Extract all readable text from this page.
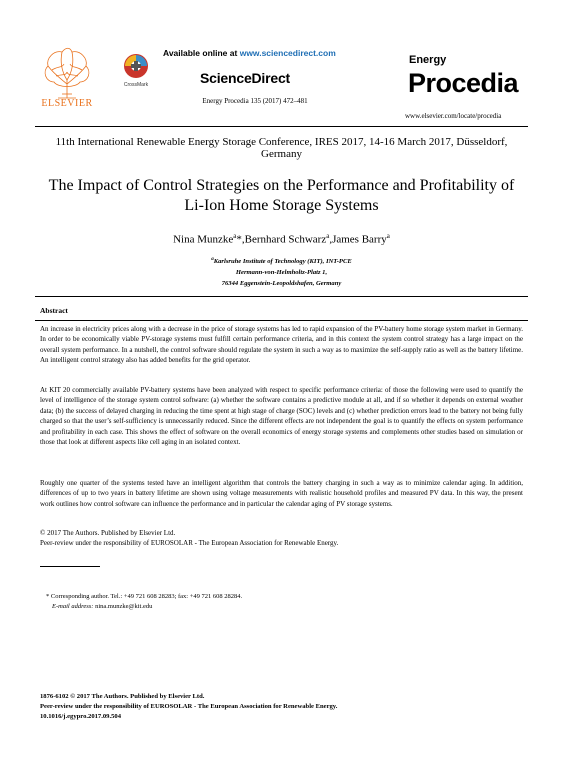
ELSEVIER
CrossMark
Available online at www.sciencedirect.com
ScienceDirect
Energy Procedia 135 (2017) 472–481
Energy
Procedia
www.elsevier.com/locate/procedia
11th International Renewable Energy Storage Conference, IRES 2017, 14-16 March 2017, Düsseldorf, Germany
The Impact of Control Strategies on the Performance and Profitability of Li-Ion Home Storage Systems
Nina Munzke$^a$*,Bernhard Schwarz$^a$,James Barry$^a$
$^a$Karlsruhe Institute of Technology (KIT), INT-PCE
Hermann-von-Helmholtz-Platz 1,
76344 Eggenstein-Leopoldshafen, Germany
Abstract
An increase in electricity prices along with a decrease in the price of storage systems has led to rapid expansion of the PV-battery home storage system market in Germany. In order to be economically viable PV-storage systems must fulfill certain performance criteria, and in this context the system control strategy has a large impact on the overall system performance. In a nutshell, the control software should regulate the system in such a way as to maximize the self-supply ratio as well as the battery lifetime. An intelligent control strategy also has added benefits for the grid operator.
At KIT 20 commercially available PV-battery systems have been analyzed with respect to specific performance criteria: of those the following were used to quantify the level of intelligence of the storage system control software: (a) whether the software contains a predictive module at all, and if so whether it depends on external weather data; (b) the success of delayed charging in reducing the time spent at high stage of charge (SOC) levels and (c) whether prediction errors lead to the battery not being fully charged so that the user’s self-sufficiency is unnecessarily reduced. Since the different effects are not independent the goal is to quantify the effects on system performance and profitability in each case. This shows the effect of software on the overall economics of energy storage systems and complements other studies based on simulation or those that look at different aspects like cell aging in an isolated context.
Roughly one quarter of the systems tested have an intelligent algorithm that controls the battery charging in such a way as to minimize calendar aging. In addition, differences of up to two years in battery lifetime are shown using voltage measurements with realistic household profiles and measured PV data. In this way, the present work outlines how control software can influence the performance and in particular the calendar aging of PV storage systems.
© 2017 The Authors. Published by Elsevier Ltd.
Peer-review under the responsibility of EUROSOLAR - The European Association for Renewable Energy.
* Corresponding author. Tel.: +49 721 608 28283; fax: +49 721 608 28284.
E-mail address: nina.munzke@kit.edu
1876-6102 © 2017 The Authors. Published by Elsevier Ltd.
Peer-review under the responsibility of EUROSOLAR - The European Association for Renewable Energy.
10.1016/j.egypro.2017.09.504
